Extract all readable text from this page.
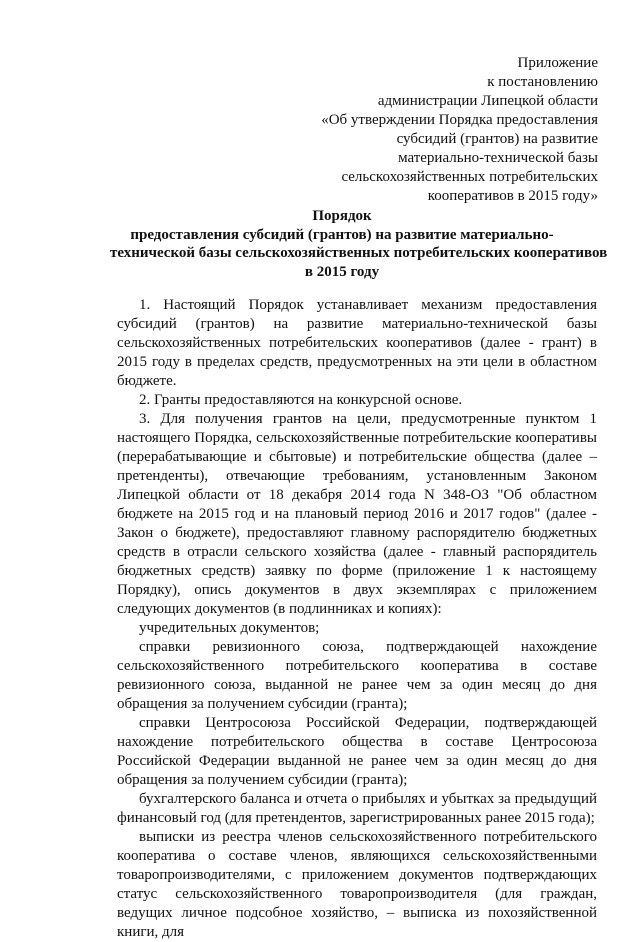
Приложение
к постановлению
администрации Липецкой области
«Об утверждении Порядка предоставления
субсидий (грантов) на развитие
материально-технической базы
сельскохозяйственных потребительских
кооперативов в 2015 году»
Порядок
предоставления субсидий (грантов) на развитие материально-
технической базы сельскохозяйственных потребительских кооперативов
в 2015 году

1. Настоящий Порядок устанавливает механизм предоставления субсидий (грантов) на развитие материально-технической базы сельскохозяйственных потребительских кооперативов (далее - грант) в 2015 году в пределах средств, предусмотренных на эти цели в областном бюджете.

2. Гранты предоставляются на конкурсной основе.

3. Для получения грантов на цели, предусмотренные пунктом 1 настоящего Порядка, сельскохозяйственные потребительские кооперативы (перерабатывающие и сбытовые) и потребительские общества (далее – претенденты), отвечающие требованиям, установленным Законом Липецкой области от 18 декабря 2014 года N 348-ОЗ "Об областном бюджете на 2015 год и на плановый период 2016 и 2017 годов" (далее - Закон о бюджете), предоставляют главному распорядителю бюджетных средств в отрасли сельского хозяйства (далее - главный распорядитель бюджетных средств) заявку по форме (приложение 1 к настоящему Порядку), опись документов в двух экземплярах с приложением следующих документов (в подлинниках и копиях):

учредительных документов;

справки ревизионного союза, подтверждающей нахождение сельскохозяйственного потребительского кооператива в составе ревизионного союза, выданной не ранее чем за один месяц до дня обращения за получением субсидии (гранта);

справки Центросоюза Российской Федерации, подтверждающей нахождение потребительского общества в составе Центросоюза Российской Федерации выданной не ранее чем за один месяц до дня обращения за получением субсидии (гранта);

бухгалтерского баланса и отчета о прибылях и убытках за предыдущий финансовый год (для претендентов, зарегистрированных ранее 2015 года);

выписки из реестра членов сельскохозяйственного потребительского кооператива о составе членов, являющихся сельскохозяйственными товаропроизводителями, с приложением документов подтверждающих статус сельскохозяйственного товаропроизводителя (для граждан, ведущих личное подсобное хозяйство, – выписка из похозяйственной книги, для
